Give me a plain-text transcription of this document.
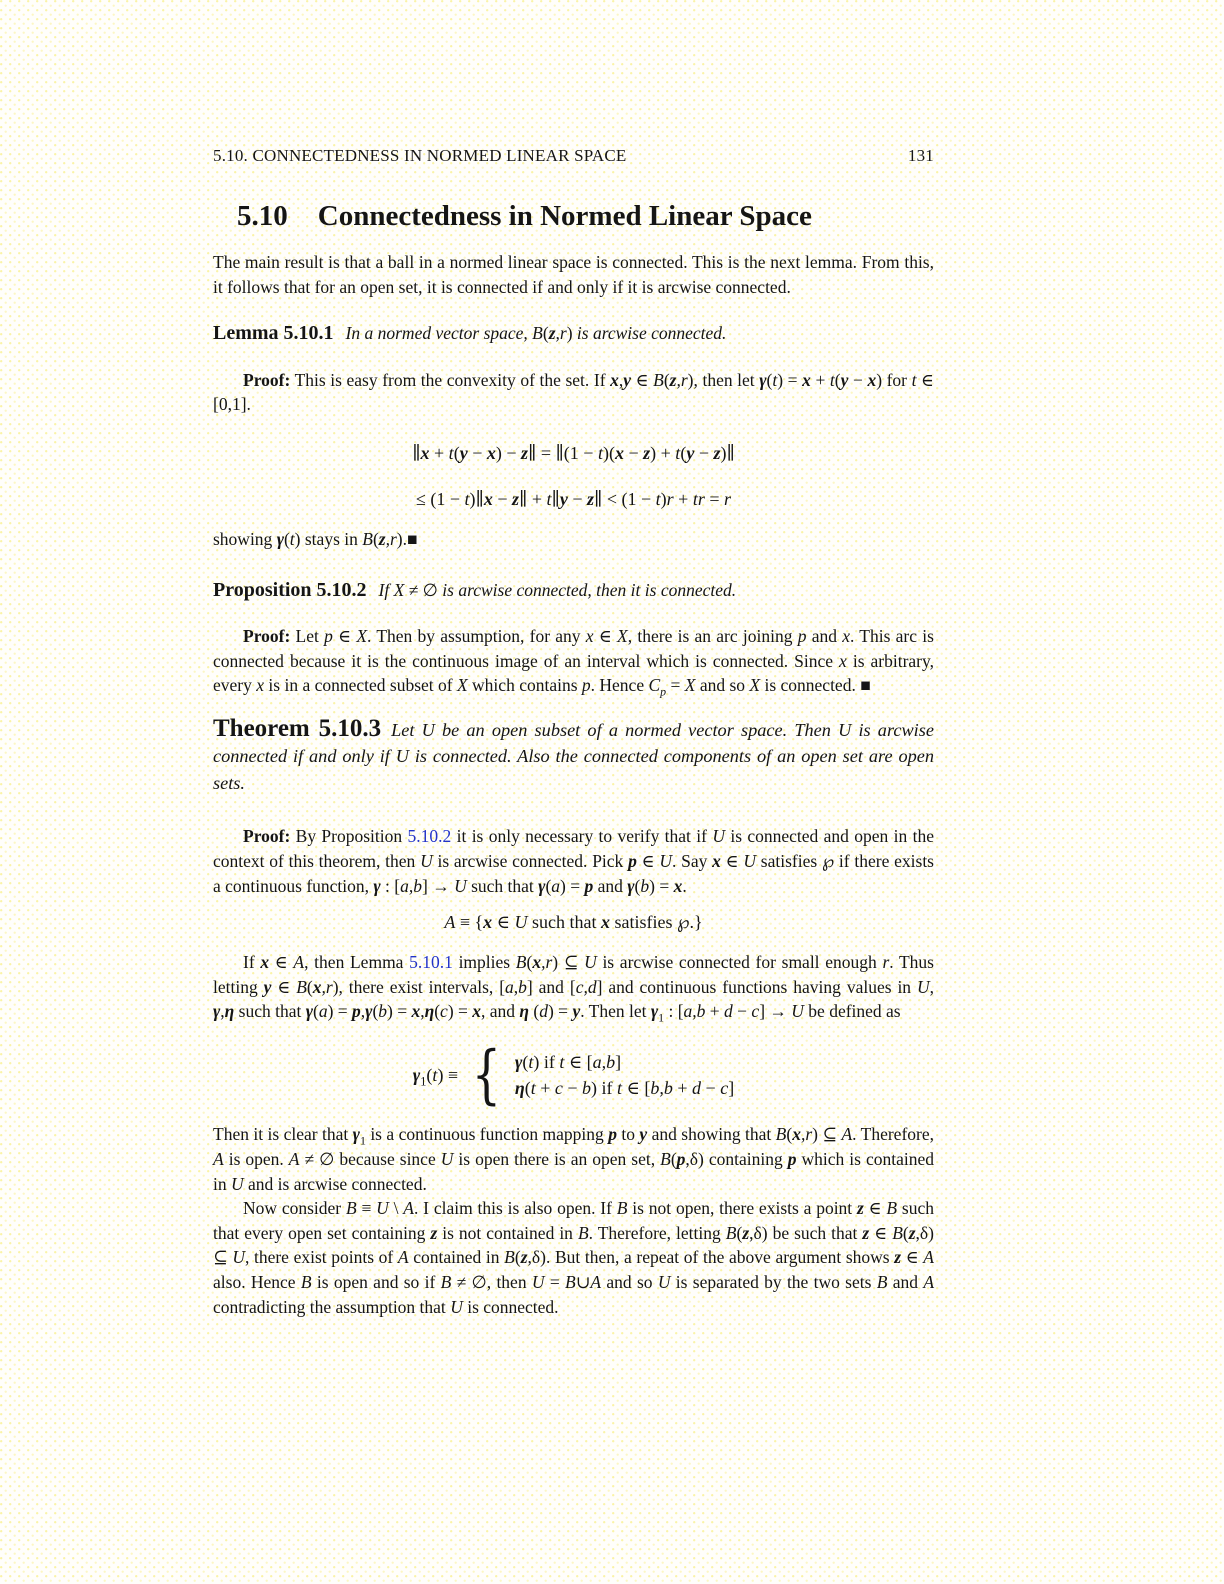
5.10. CONNECTEDNESS IN NORMED LINEAR SPACE	131
5.10 Connectedness in Normed Linear Space

The main result is that a ball in a normed linear space is connected. This is the next lemma. From this, it follows that for an open set, it is connected if and only if it is arcwise connected.

Lemma 5.10.1 In a normed vector space, B(z,r) is arcwise connected.

Proof: This is easy from the convexity of the set. If x,y ∈ B(z,r), then let γ(t) = x + t(y − x) for t ∈ [0,1].

∥x + t(y − x) − z∥ = ∥(1 − t)(x − z) + t(y − z)∥

≤ (1 − t)∥x − z∥ + t∥y − z∥ < (1 − t)r + tr = r

showing γ(t) stays in B(z,r).■

Proposition 5.10.2 If X ≠ ∅ is arcwise connected, then it is connected.

Proof: Let p ∈ X. Then by assumption, for any x ∈ X, there is an arc joining p and x. This arc is connected because it is the continuous image of an interval which is connected. Since x is arbitrary, every x is in a connected subset of X which contains p. Hence $C_p = X$ and so X is connected. ■

Theorem 5.10.3 Let U be an open subset of a normed vector space. Then U is arcwise connected if and only if U is connected. Also the connected components of an open set are open sets.

Proof: By Proposition 5.10.2 it is only necessary to verify that if U is connected and open in the context of this theorem, then U is arcwise connected. Pick p ∈ U. Say x ∈ U satisfies ℘ if there exists a continuous function, γ : [a,b] → U such that γ(a) = p and γ(b) = x.

A ≡ {x ∈ U such that x satisfies ℘.}

If x ∈ A, then Lemma 5.10.1 implies B(x,r) ⊆ U is arcwise connected for small enough r. Thus letting y ∈ B(x,r), there exist intervals, [a,b] and [c,d] and continuous functions having values in U, γ,η such that γ(a) = p,γ(b) = x,η(c) = x, and η (d) = y. Then let $\gamma_1$ : [a,b + d − c] → U be defined as

$\gamma_1(t)$ ≡ { γ(t) if t ∈ [a,b]
η(t + c − b) if t ∈ [b,b + d − c]

Then it is clear that $\gamma_1$ is a continuous function mapping p to y and showing that B(x,r) ⊆ A. Therefore, A is open. A ≠ ∅ because since U is open there is an open set, B(p,δ) containing p which is contained in U and is arcwise connected.

Now consider B ≡ U \ A. I claim this is also open. If B is not open, there exists a point z ∈ B such that every open set containing z is not contained in B. Therefore, letting B(z,δ) be such that z ∈ B(z,δ) ⊆ U, there exist points of A contained in B(z,δ). But then, a repeat of the above argument shows z ∈ A also. Hence B is open and so if B ≠ ∅, then U = B∪A and so U is separated by the two sets B and A contradicting the assumption that U is connected.
